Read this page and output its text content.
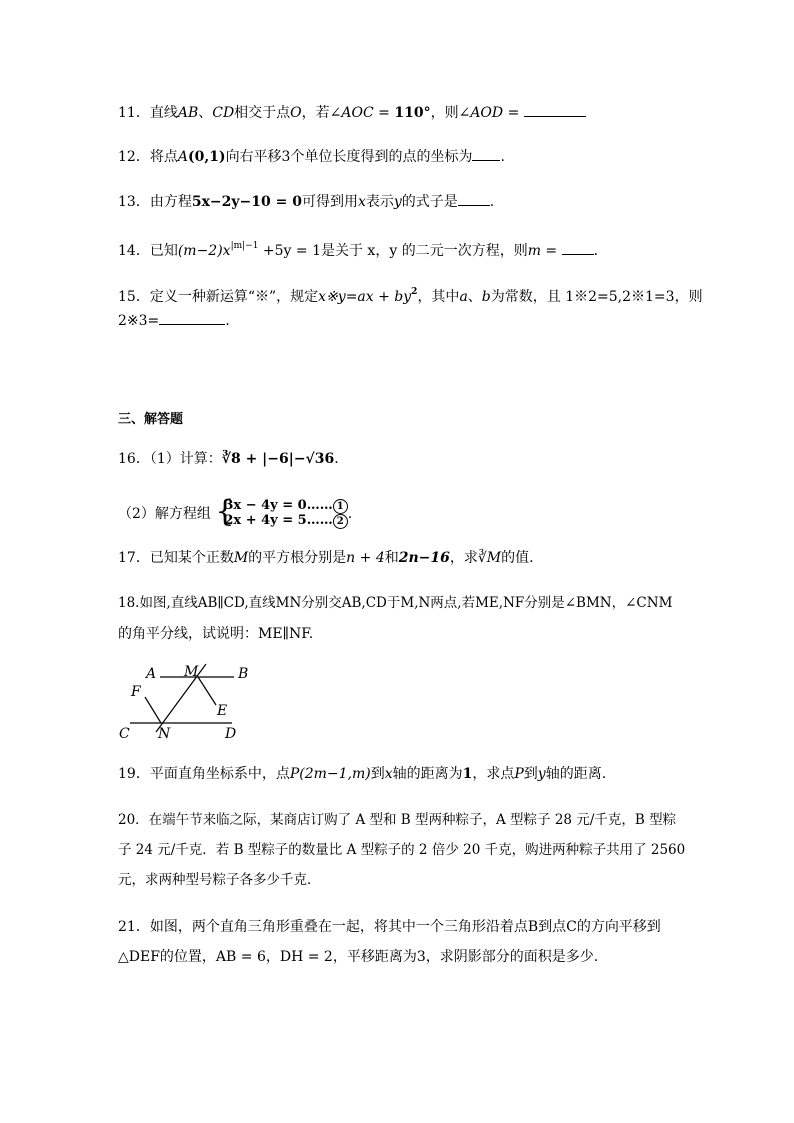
11．直线AB、CD相交于点O，若∠AOC = 110°，则∠AOD =
12．将点A(0,1)向右平移3个单位长度得到的点的坐标为 .
13．由方程5x−2y−10 = 0可得到用x表示y的式子是 .
14．已知$(m-2)x^{|m|-1} +5y = 1$是关于 x，y 的二元一次方程，则m = .
15．定义一种新运算“※”，规定x※y=ax + $by^2$，其中a、b为常数，且 1※2=5,2※1=3，则
2※3=	.
三、解答题
16．（1）计算：∛8 + |−6|−√36.
（2）解方程组 {
3x − 4y = 0…… 1
2x + 4y = 5…… 2 .
17．已知某个正数M的平方根分别是n + 4和2n−16，求∛M的值.
18.如图,直线AB∥CD,直线MN分别交AB,CD于M,N两点,若ME,NF分别是∠BMN，∠CNM
的角平分线，试说明：ME∥NF.
A M	B
F
E
C N	D
19．平面直角坐标系中，点P(2m−1,m)到x轴的距离为1，求点P到y轴的距离.
20．在端午节来临之际，某商店订购了 A 型和 B 型两种粽子，A 型粽子 28 元/千克，B 型粽
子 24 元/千克．若 B 型粽子的数量比 A 型粽子的 2 倍少 20 千克，购进两种粽子共用了 2560
元，求两种型号粽子各多少千克．
21．如图，两个直角三角形重叠在一起，将其中一个三角形沿着点B到点C的方向平移到
△DEF的位置，AB = 6，DH = 2，平移距离为3，求阴影部分的面积是多少.
